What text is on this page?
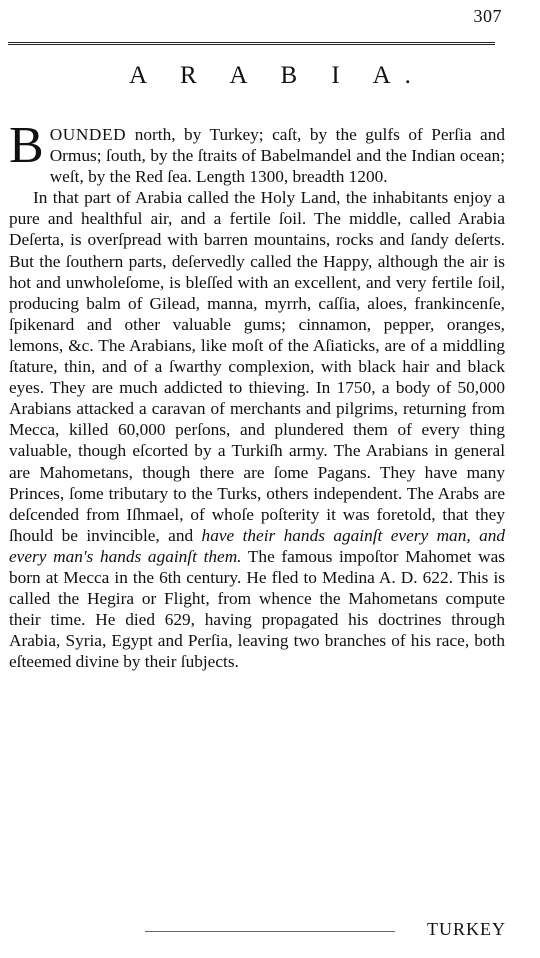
307
A R A B I A.

BOUNDED north, by Turkey; caſt, by the gulfs of Perſia and Ormus; ſouth, by the ſtraits of Babelmandel and the Indian ocean; weſt, by the Red ſea. Length 1300, breadth 1200.

In that part of Arabia called the Holy Land, the inhabitants enjoy a pure and healthful air, and a fertile ſoil. The middle, called Arabia Deſerta, is overſpread with barren mountains, rocks and ſandy deſerts. But the ſouthern parts, deſervedly called the Happy, although the air is hot and unwholeſome, is bleſſed with an excellent, and very fertile ſoil, producing balm of Gilead, manna, myrrh, caſſia, aloes, frankincenſe, ſpikenard and other valuable gums; cinnamon, pepper, oranges, lemons, &c. The Arabians, like moſt of the Aſiaticks, are of a middling ſtature, thin, and of a ſwarthy complexion, with black hair and black eyes. They are much addicted to thieving. In 1750, a body of 50,000 Arabians attacked a caravan of merchants and pilgrims, returning from Mecca, killed 60,000 perſons, and plundered them of every thing valuable, though eſcorted by a Turkiſh army. The Arabians in general are Mahometans, though there are ſome Pagans. They have many Princes, ſome tributary to the Turks, others independent. The Arabs are deſcended from Iſhmael, of whoſe poſterity it was foretold, that they ſhould be invincible, and have their hands againſt every man, and every man's hands againſt them. The famous impoſtor Mahomet was born at Mecca in the 6th century. He fled to Medina A. D. 622. This is called the Hegira or Flight, from whence the Mahometans compute their time. He died 629, having propagated his doctrines through Arabia, Syria, Egypt and Perſia, leaving two branches of his race, both eſteemed divine by their ſubjects.

TURKEY
